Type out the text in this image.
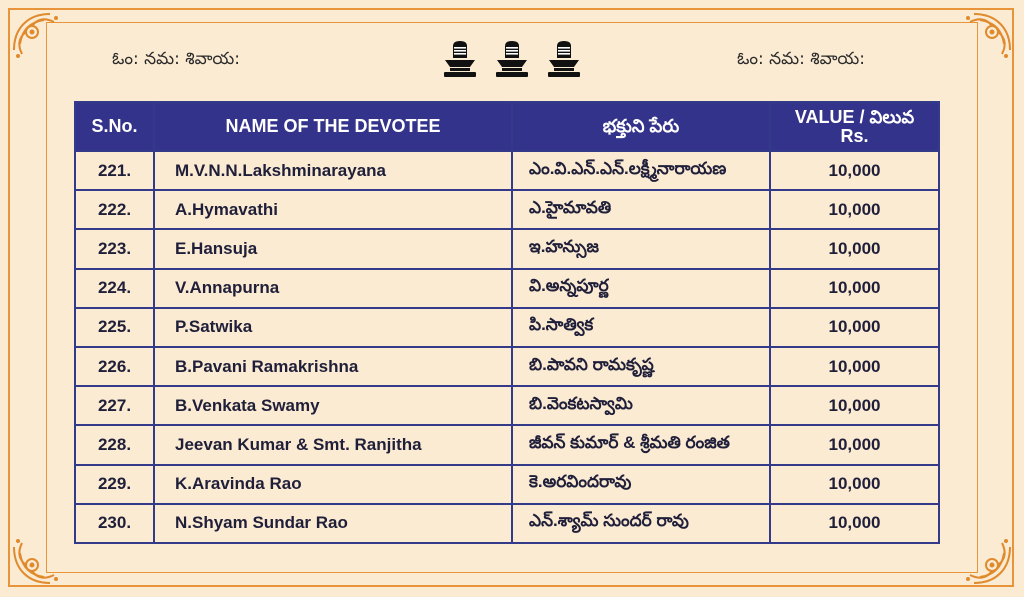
ఓం: నమ: శివాయ:	ఓం: నమ: శివాయ:
S.No.	NAME OF THE DEVOTEE	భక్తుని పేరు	VALUE / విలువ
Rs.

221.	M.V.N.N.Lakshminarayana	ఎం.వి.ఎన్.ఎన్.లక్ష్మీనారాయణ	10,000
222.	A.Hymavathi	ఎ.హైమావతి	10,000
223.	E.Hansuja	ఇ.హన్సుజ	10,000
224.	V.Annapurna	వి.అన్నపూర్ణ	10,000
225.	P.Satwika	పి.సాత్విక	10,000
226.	B.Pavani Ramakrishna	బి.పావని రామకృష్ణ	10,000
227.	B.Venkata Swamy	బి.వెంకటస్వామి	10,000
228.	Jeevan Kumar & Smt. Ranjitha	జీవన్ కుమార్ & శ్రీమతి రంజిత	10,000
229.	K.Aravinda Rao	కె.అరవిందరావు	10,000
230.	N.Shyam Sundar Rao	ఎన్.శ్యామ్ సుందర్ రావు	10,000
